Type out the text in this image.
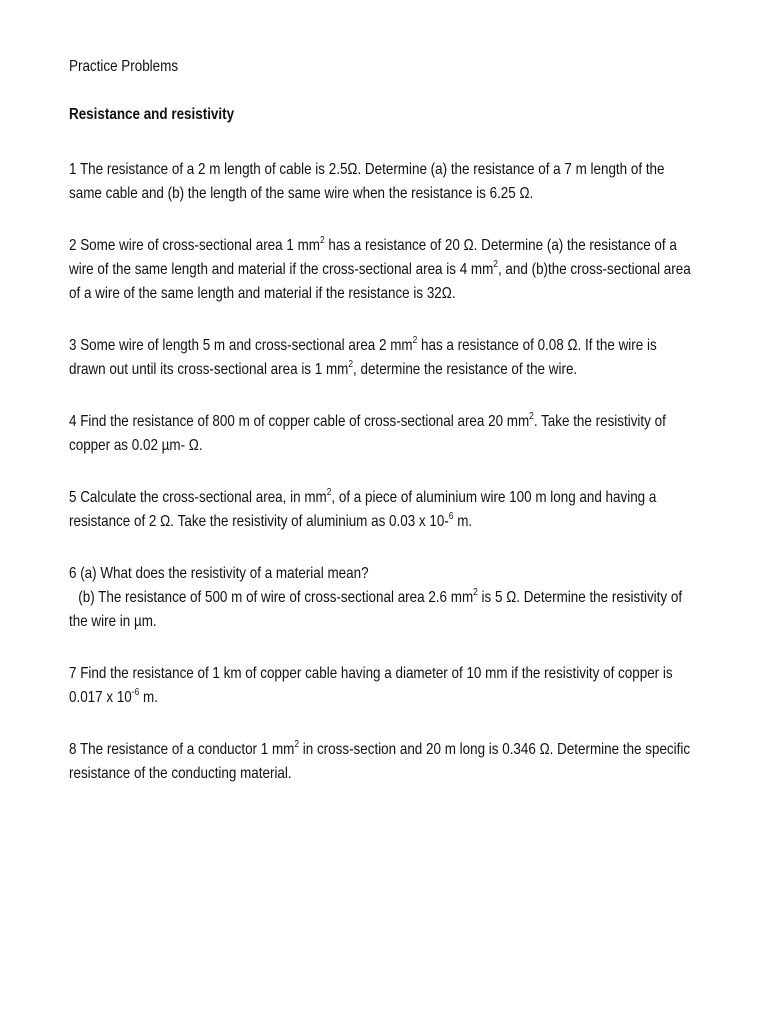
Practice Problems

Resistance and resistivity

1 The resistance of a 2 m length of cable is 2.5Ω. Determine (a) the resistance of a 7 m length of the
same cable and (b) the length of the same wire when the resistance is 6.25 Ω.

2 Some wire of cross-sectional area 1 $mm^2$ has a resistance of 20 Ω. Determine (a) the resistance of a
wire of the same length and material if the cross-sectional area is 4 $mm^2$, and (b)the cross-sectional area
of a wire of the same length and material if the resistance is 32Ω.

3 Some wire of length 5 m and cross-sectional area 2 $mm^2$ has a resistance of 0.08 Ω. If the wire is
drawn out until its cross-sectional area is 1 $mm^2$, determine the resistance of the wire.

4 Find the resistance of 800 m of copper cable of cross-sectional area 20 $mm^2$. Take the resistivity of
copper as 0.02 µm- Ω.

5 Calculate the cross-sectional area, in $mm^2$, of a piece of aluminium wire 100 m long and having a
resistance of 2 Ω. Take the resistivity of aluminium as 0.03 x 10-$^6$ m.

6 (a) What does the resistivity of a material mean?
(b) The resistance of 500 m of wire of cross-sectional area 2.6 $mm^2$ is 5 Ω. Determine the resistivity of
the wire in µm.

7 Find the resistance of 1 km of copper cable having a diameter of 10 mm if the resistivity of copper is
0.017 x $10^{-6}$ m.

8 The resistance of a conductor 1 $mm^2$ in cross-section and 20 m long is 0.346 Ω. Determine the specific
resistance of the conducting material.
